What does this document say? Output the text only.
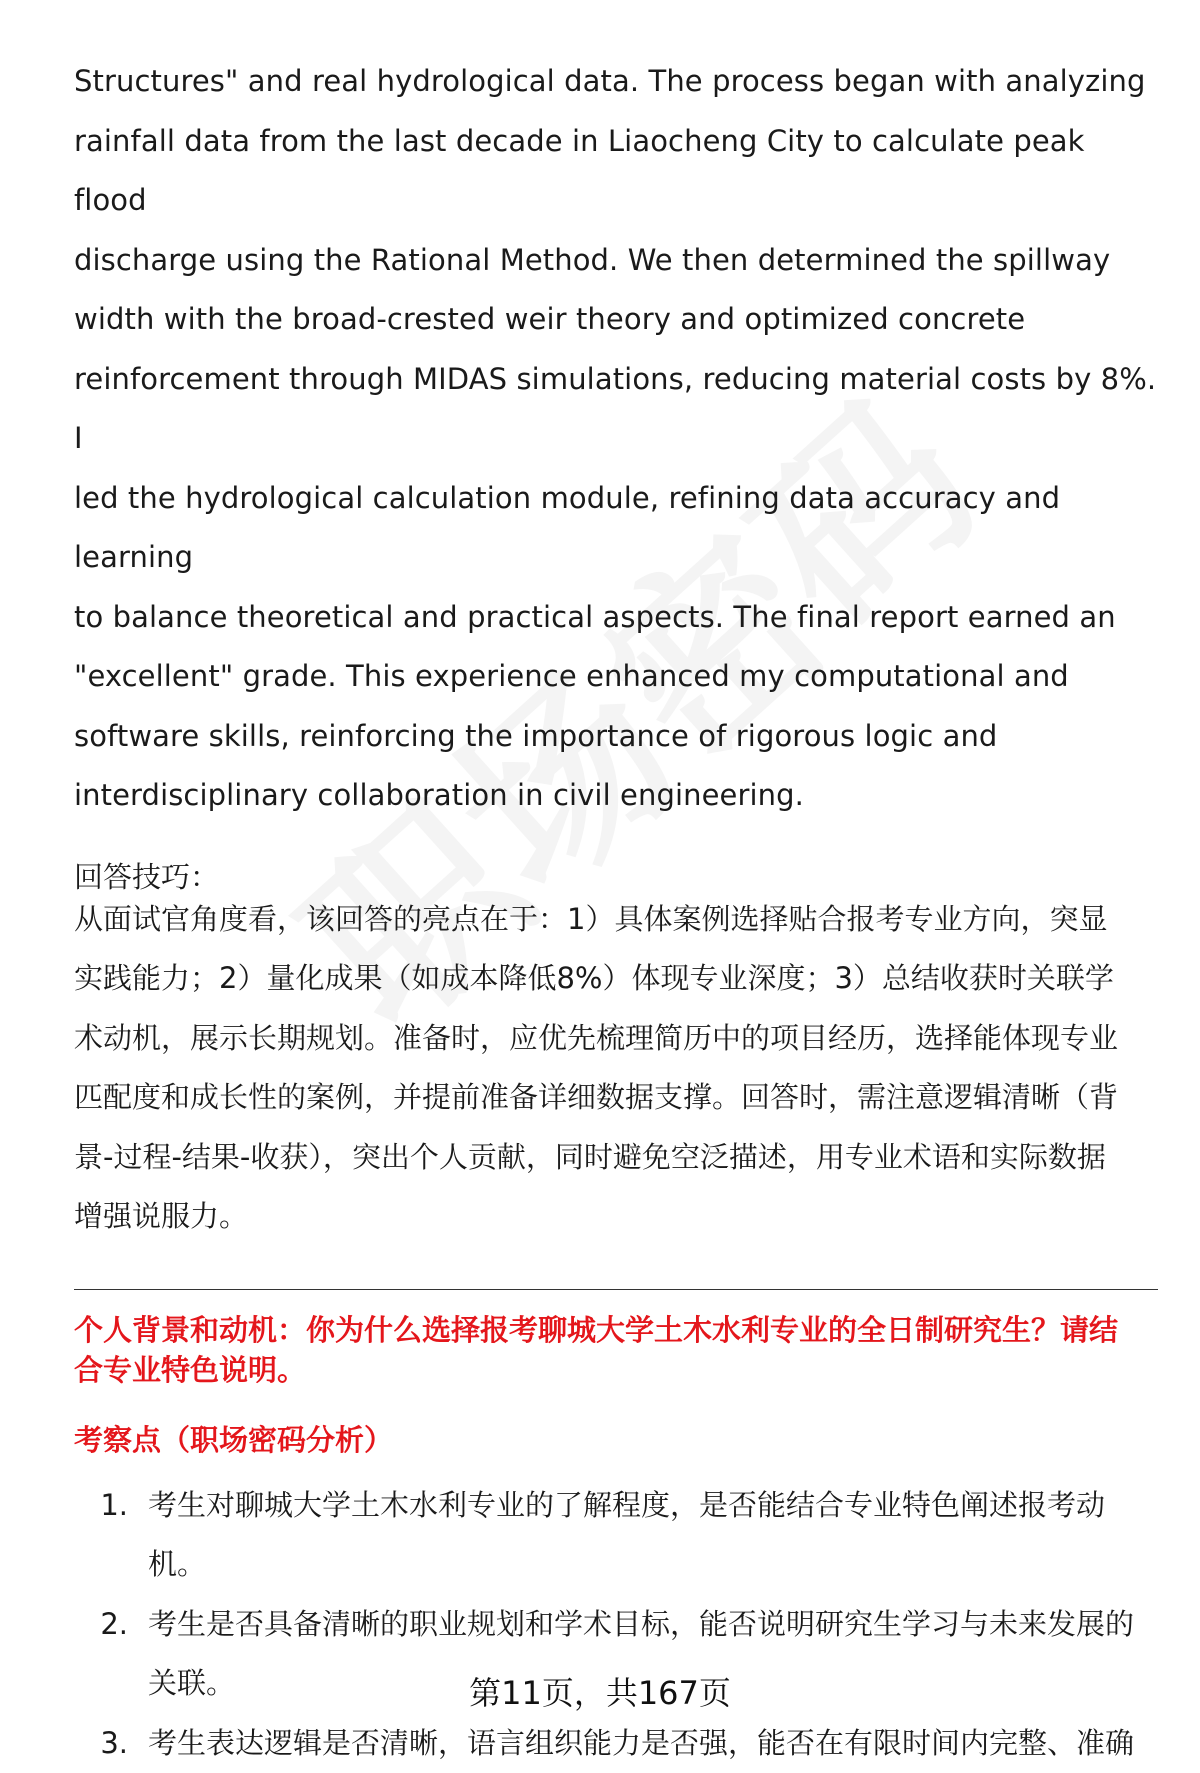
Structures" and real hydrological data. The process began with analyzing
rainfall data from the last decade in Liaocheng City to calculate peak flood
discharge using the Rational Method. We then determined the spillway
width with the broad-crested weir theory and optimized concrete
reinforcement through MIDAS simulations, reducing material costs by 8%. I
led the hydrological calculation module, refining data accuracy and learning
to balance theoretical and practical aspects. The final report earned an
"excellent" grade. This experience enhanced my computational and
software skills, reinforcing the importance of rigorous logic and
interdisciplinary collaboration in civil engineering.

回答技巧：

从面试官角度看，该回答的亮点在于：1）具体案例选择贴合报考专业方向，突显
实践能力；2）量化成果（如成本降低8%）体现专业深度；3）总结收获时关联学
术动机，展示长期规划。准备时，应优先梳理简历中的项目经历，选择能体现专业
匹配度和成长性的案例，并提前准备详细数据支撑。回答时，需注意逻辑清晰（背
景-过程-结果-收获），突出个人贡献，同时避免空泛描述，用专业术语和实际数据
增强说服力。

个人背景和动机：你为什么选择报考聊城大学土木水利专业的全日制研究生？请结
合专业特色说明。
考察点（职场密码分析）
1. 考生对聊城大学土木水利专业的了解程度，是否能结合专业特色阐述报考动
机。
2. 考生是否具备清晰的职业规划和学术目标，能否说明研究生学习与未来发展的
关联。
3. 考生表达逻辑是否清晰，语言组织能力是否强，能否在有限时间内完整、准确
第11页，共167页
